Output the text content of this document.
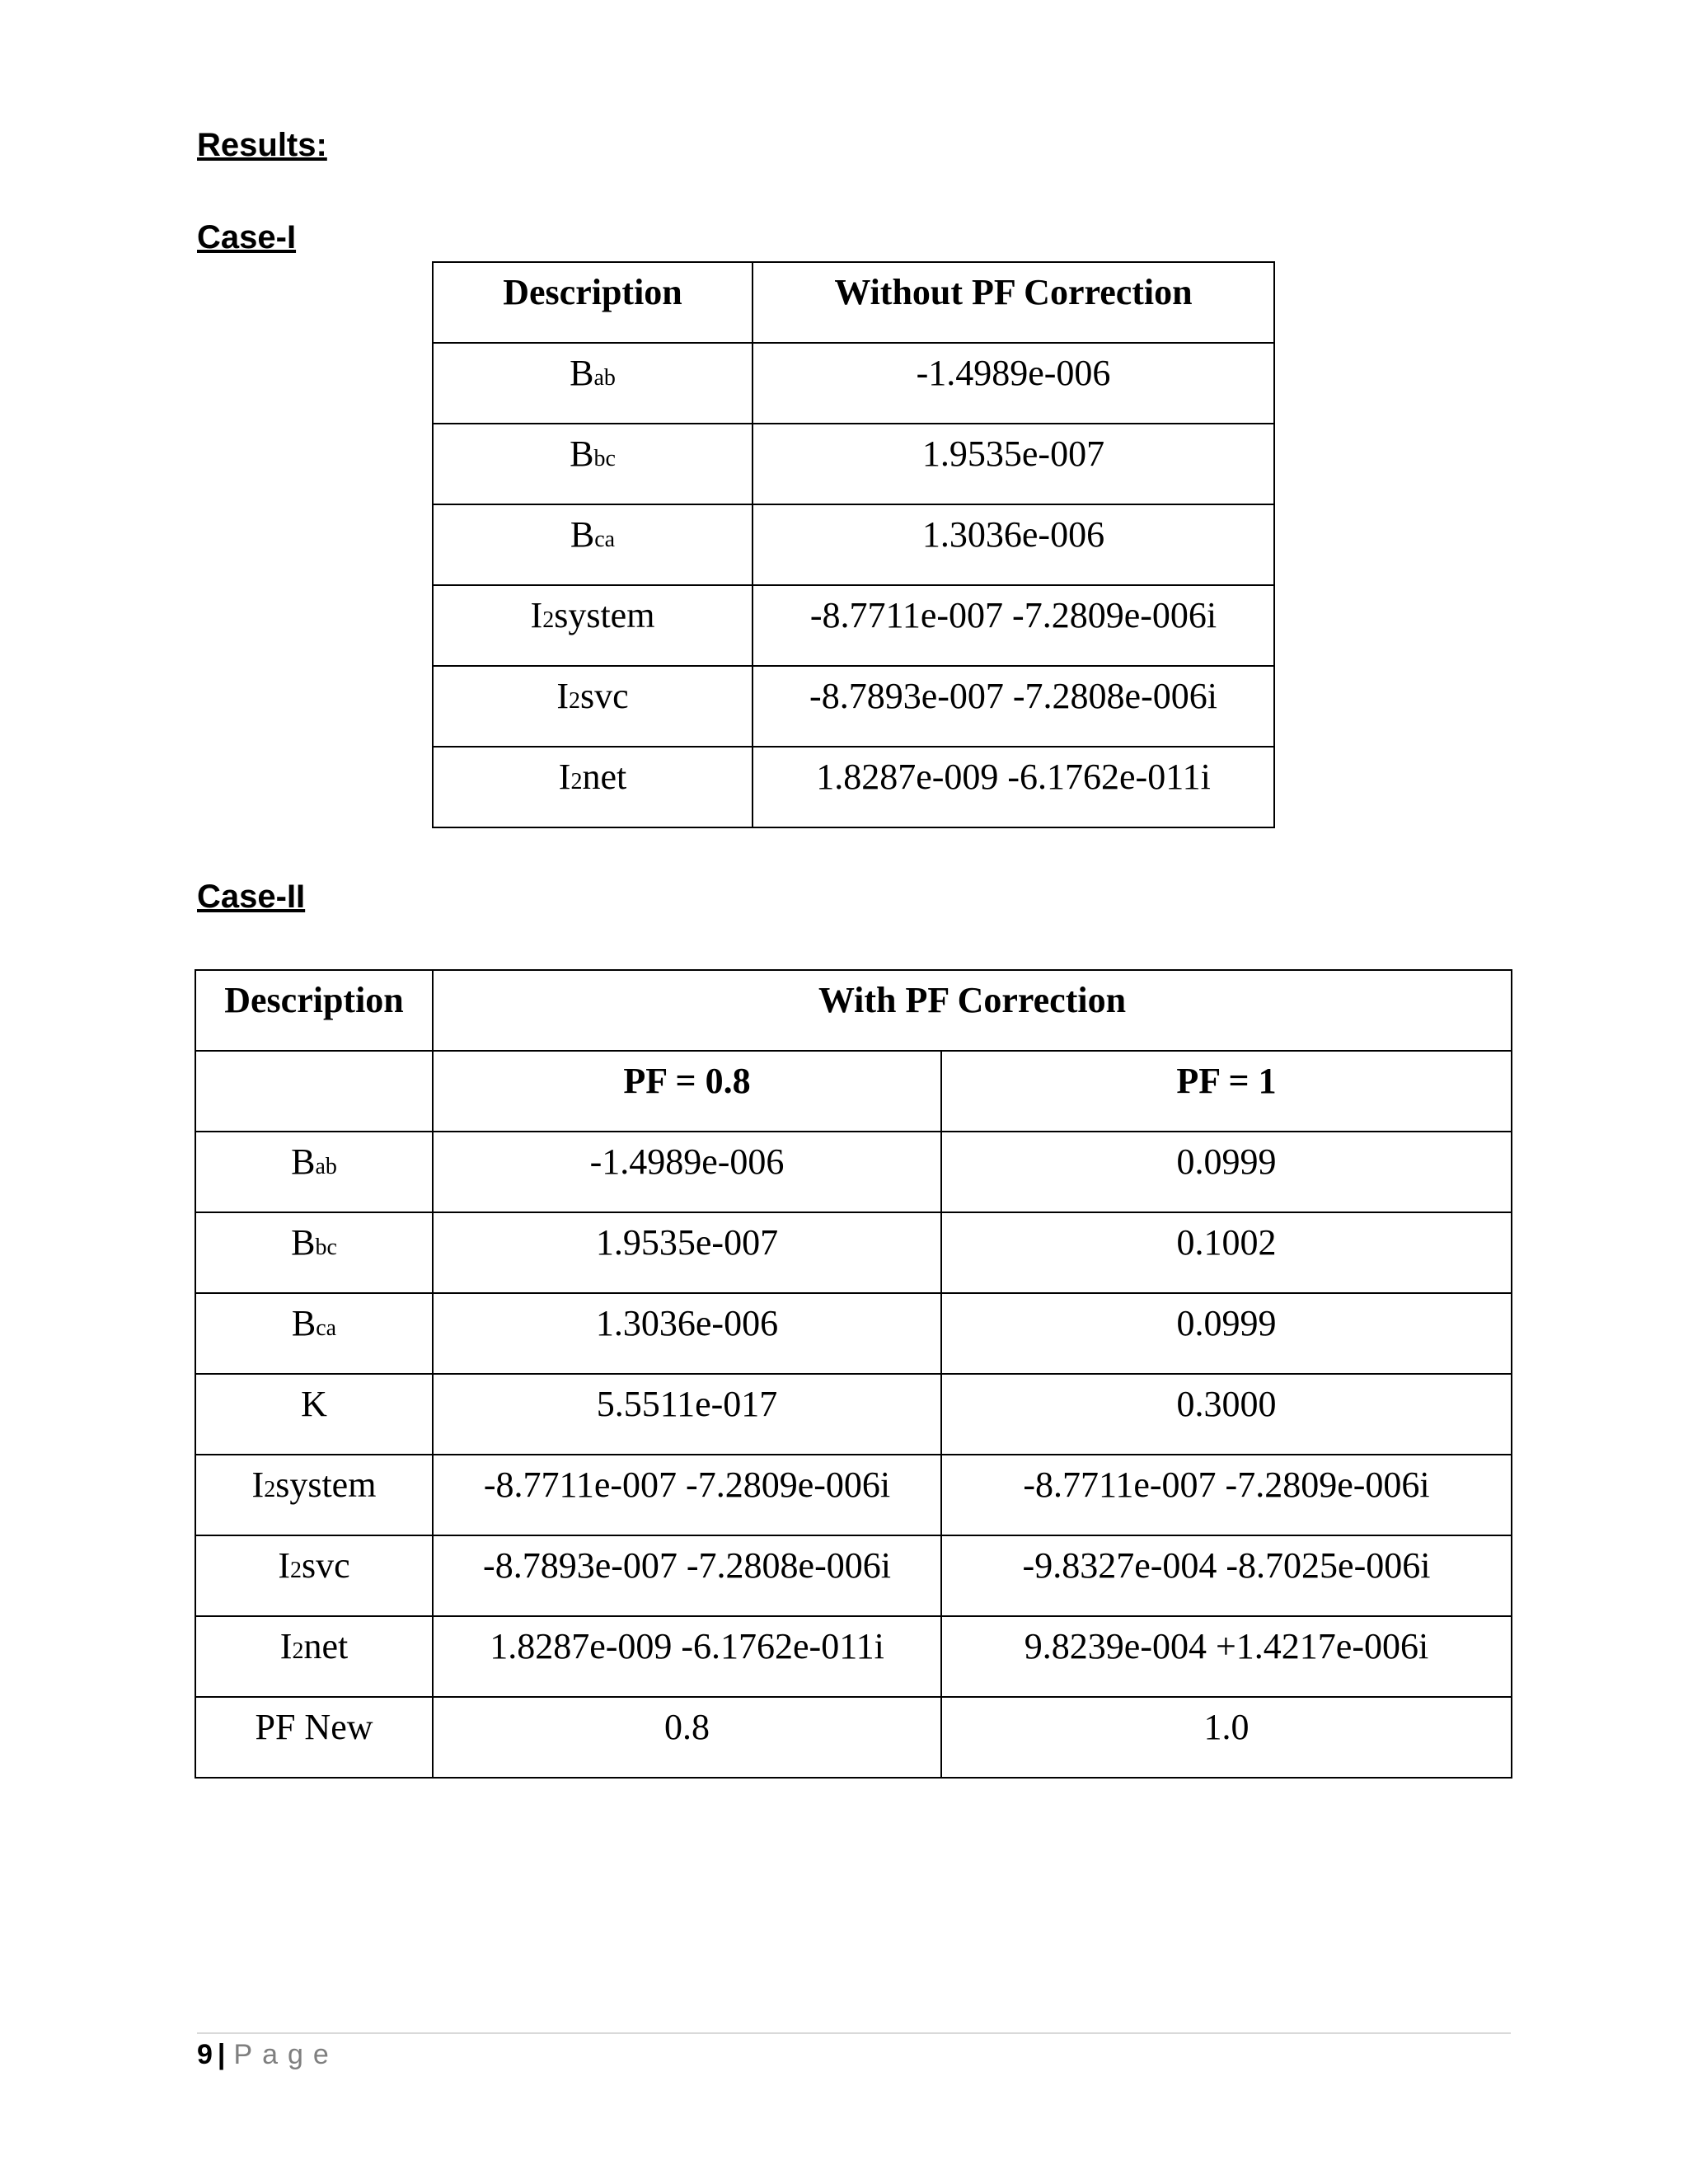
Results:
Case-I
Description	Without PF Correction
Bab	-1.4989e-006
Bbc	1.9535e-007
Bca	1.3036e-006
I2system	-8.7711e-007 -7.2809e-006i
I2svc	-8.7893e-007 -7.2808e-006i
I2net	1.8287e-009 -6.1762e-011i
Case-II
Description	With PF Correction	
	PF = 0.8	PF = 1
Bab	-1.4989e-006	0.0999
Bbc	1.9535e-007	0.1002
Bca	1.3036e-006	0.0999
K	5.5511e-017	0.3000
I2system	-8.7711e-007 -7.2809e-006i	-8.7711e-007 -7.2809e-006i
I2svc	-8.7893e-007 -7.2808e-006i	-9.8327e-004 -8.7025e-006i
I2net	1.8287e-009 -6.1762e-011i	9.8239e-004 +1.4217e-006i
PF New	0.8	1.0
9 | Page
